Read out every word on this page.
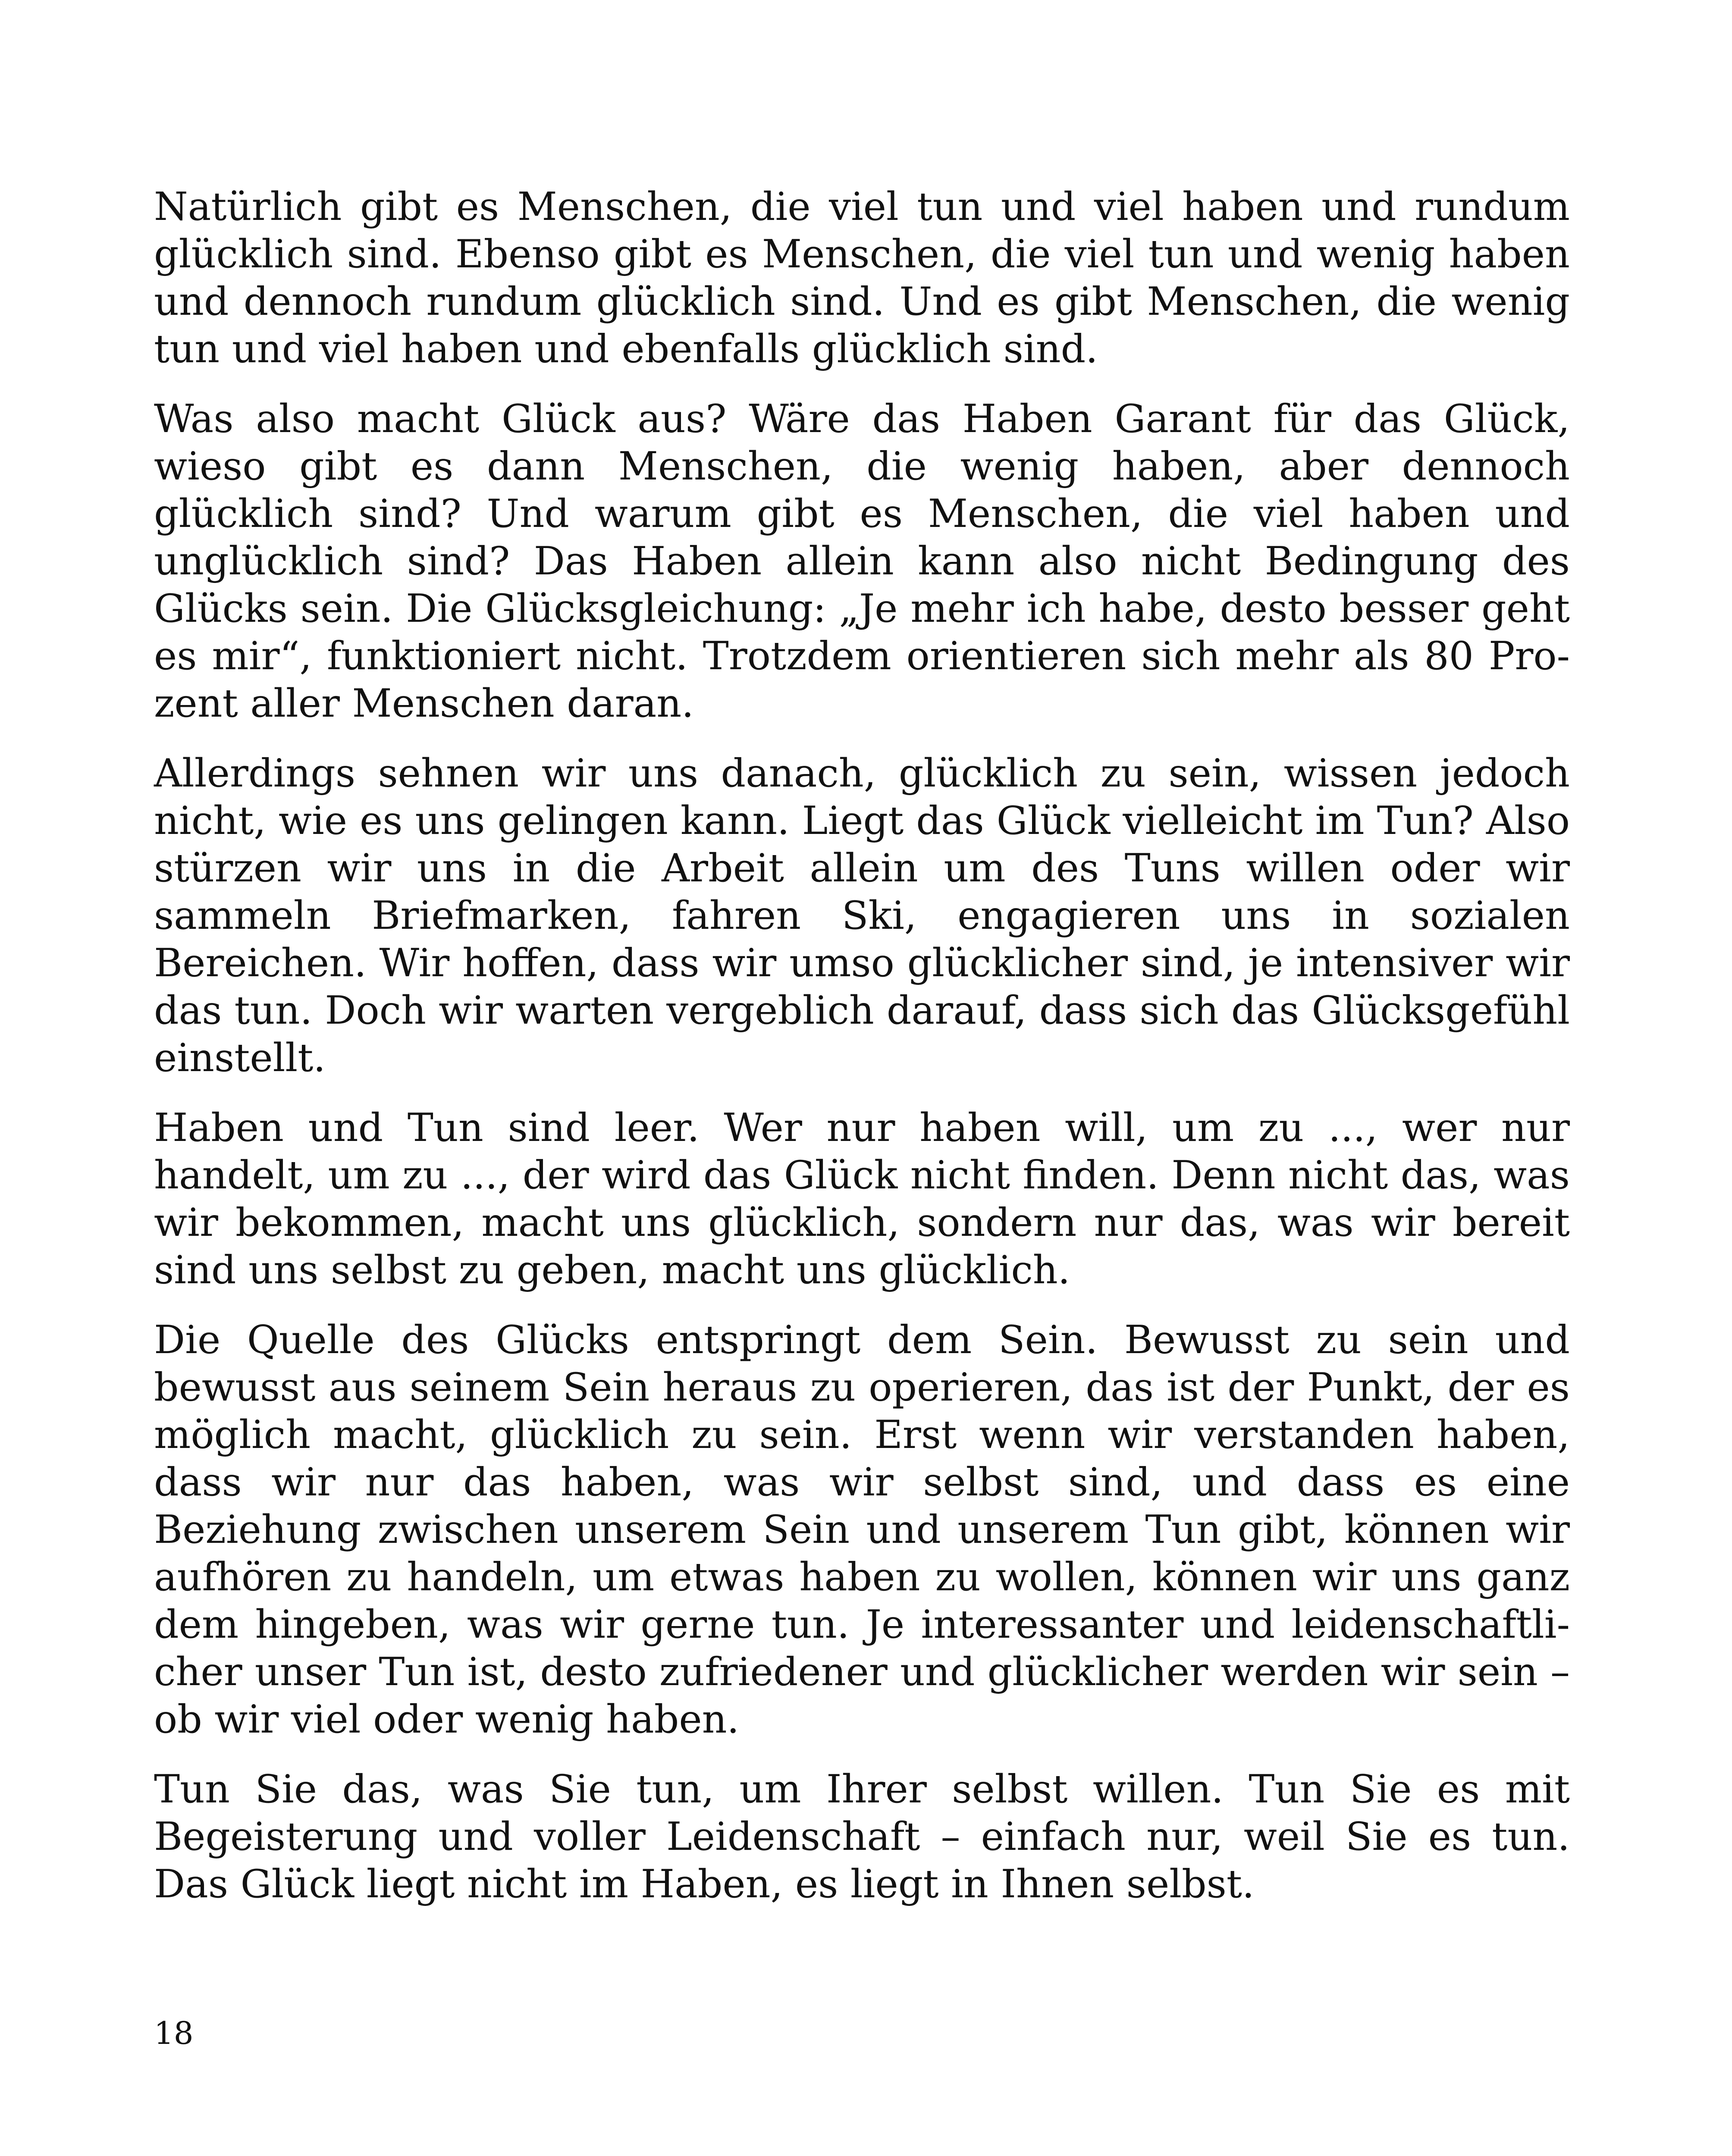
Natürlich gibt es Menschen, die viel tun und viel haben und rundum glücklich sind. Ebenso gibt es Menschen, die viel tun und wenig haben und dennoch rundum glücklich sind. Und es gibt Menschen, die wenig tun und viel haben und ebenfalls glücklich sind.

Was also macht Glück aus? Wäre das Haben Garant für das Glück, wieso gibt es dann Menschen, die wenig haben, aber dennoch glücklich sind? Und warum gibt es Menschen, die viel haben und unglücklich sind? Das Haben allein kann also nicht Bedingung des Glücks sein. Die Glücksgleichung: „Je mehr ich habe, desto besser geht es mir“, funktioniert nicht. Trotzdem orientieren sich mehr als 80 Prozent aller Menschen daran.

Allerdings sehnen wir uns danach, glücklich zu sein, wissen jedoch nicht, wie es uns gelingen kann. Liegt das Glück vielleicht im Tun? Also stürzen wir uns in die Arbeit allein um des Tuns willen oder wir sammeln Briefmarken, fahren Ski, engagieren uns in sozialen Bereichen. Wir hoffen, dass wir umso glücklicher sind, je intensiver wir das tun. Doch wir warten vergeblich darauf, dass sich das Glücksgefühl einstellt.

Haben und Tun sind leer. Wer nur haben will, um zu ..., wer nur handelt, um zu ..., der wird das Glück nicht finden. Denn nicht das, was wir bekommen, macht uns glücklich, sondern nur das, was wir bereit sind uns selbst zu geben, macht uns glücklich.

Die Quelle des Glücks entspringt dem Sein. Bewusst zu sein und bewusst aus seinem Sein heraus zu operieren, das ist der Punkt, der es möglich macht, glücklich zu sein. Erst wenn wir verstanden haben, dass wir nur das haben, was wir selbst sind, und dass es eine Beziehung zwischen unserem Sein und unserem Tun gibt, können wir aufhören zu handeln, um etwas haben zu wollen, können wir uns ganz dem hingeben, was wir gerne tun. Je interessanter und leidenschaftlicher unser Tun ist, desto zufriedener und glücklicher werden wir sein – ob wir viel oder wenig haben.

Tun Sie das, was Sie tun, um Ihrer selbst willen. Tun Sie es mit Begeisterung und voller Leidenschaft – einfach nur, weil Sie es tun. Das Glück liegt nicht im Haben, es liegt in Ihnen selbst.

18
